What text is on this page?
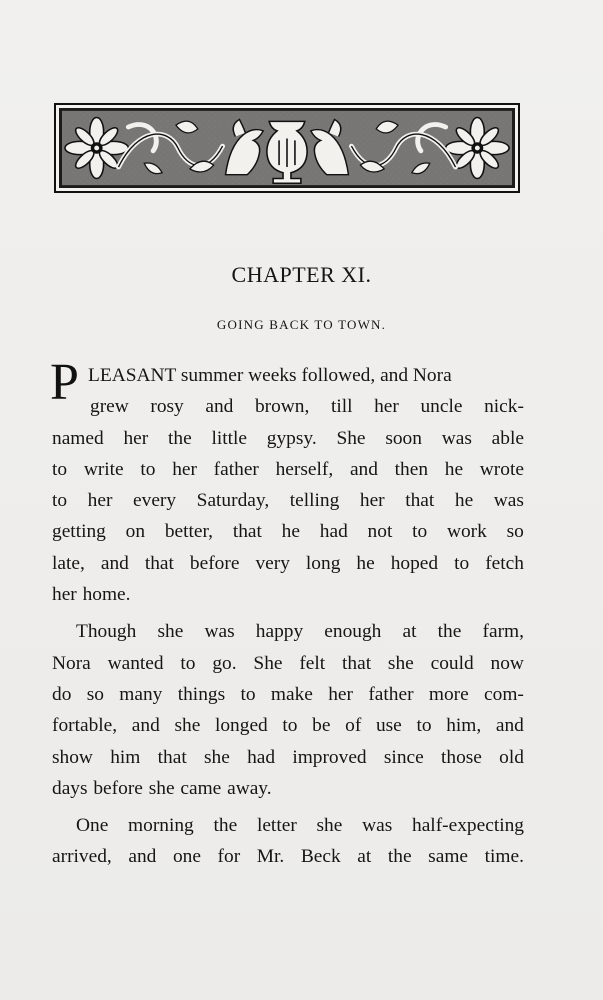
CHAPTER XI.
GOING BACK TO TOWN.
P LEASANT summer weeks followed, and Nora
grew rosy and brown, till her uncle nick-
named her the little gypsy. She soon was able
to write to her father herself, and then he wrote
to her every Saturday, telling her that he was
getting on better, that he had not to work so
late, and that before very long he hoped to fetch
her home.
Though she was happy enough at the farm,
Nora wanted to go. She felt that she could now
do so many things to make her father more com-
fortable, and she longed to be of use to him, and
show him that she had improved since those old
days before she came away.
One morning the letter she was half-expecting
arrived, and one for Mr. Beck at the same time.
